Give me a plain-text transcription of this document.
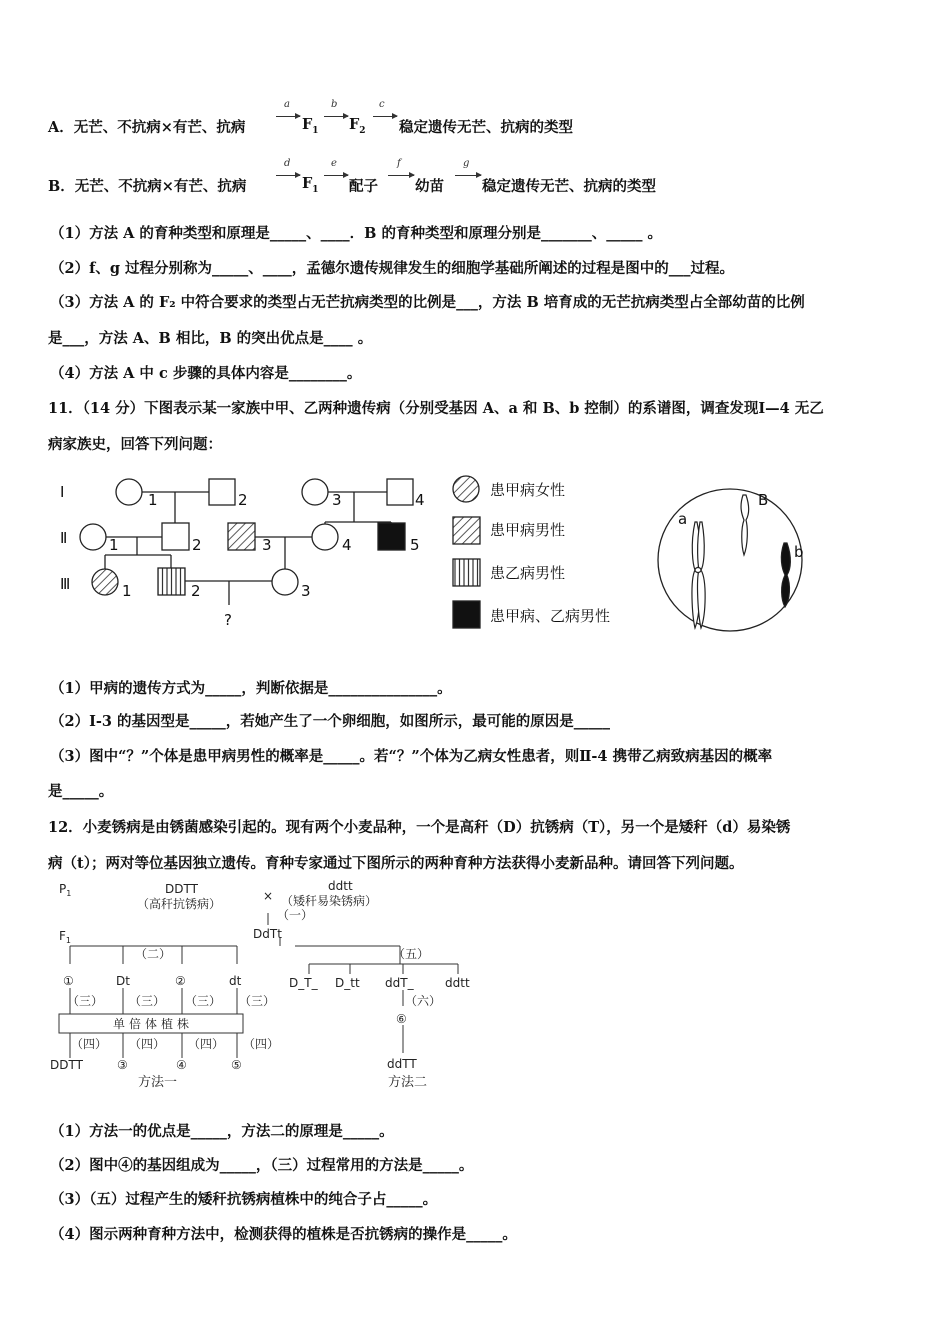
A．无芒、不抗病×有芒、抗病
a
$F_1$
b
$F_2$
c
稳定遗传无芒、抗病的类型
B．无芒、不抗病×有芒、抗病
d
$F_1$
e
配子
f
幼苗
g
稳定遗传无芒、抗病的类型
（1）方法 A 的育种类型和原理是_____、____．B 的育种类型和原理分别是_______、_____ 。
（2）f、g 过程分别称为_____、____，孟德尔遗传规律发生的细胞学基础所阐述的过程是图中的___过程。
（3）方法 A 的 F₂ 中符合要求的类型占无芒抗病类型的比例是___，方法 B 培育成的无芒抗病类型占全部幼苗的比例
是___，方法 A、B 相比，B 的突出优点是____ 。
（4）方法 A 中 c 步骤的具体内容是________。
11．（14 分）下图表示某一家族中甲、乙两种遗传病（分别受基因 A、a 和 B、b 控制）的系谱图，调查发现Ⅰ—4 无乙
病家族史，回答下列问题：
Ⅰ
Ⅱ
Ⅲ
1	2	3	4
1	2	3	4	5
1	2	3
?
患甲病女性
患甲病男性
患乙病男性
患甲病、乙病男性
a
B
b
（1）甲病的遗传方式为_____，判断依据是_______________。
（2）Ⅰ-3 的基因型是_____，若她产生了一个卵细胞，如图所示，最可能的原因是_____
（3）图中“？”个体是患甲病男性的概率是_____。若“？”个体为乙病女性患者，则Ⅱ-4 携带乙病致病基因的概率
是_____。
12．小麦锈病是由锈菌感染引起的。现有两个小麦品种，一个是高秆（D）抗锈病（T），另一个是矮秆（d）易染锈
病（t）；两对等位基因独立遗传。育种专家通过下图所示的两种育种方法获得小麦新品种。请回答下列问题。
$P_1$	DDTT
（高秆抗锈病）
×
ddtt
（矮秆易染锈病）
（一）
$F_1$	DdTt
（二）	（五）
①	Dt	②	dt
（三） （三） （三） （三）
单倍体植株
（四） （四） （四） （四）
DDTT	③	④	⑤
方法一
D_T_ D_tt ddT_	ddtt
（六）
⑥
ddTT
方法二
（1）方法一的优点是_____，方法二的原理是_____。
（2）图中④的基因组成为_____，（三）过程常用的方法是_____。
（3）（五）过程产生的矮秆抗锈病植株中的纯合子占_____。
（4）图示两种育种方法中，检测获得的植株是否抗锈病的操作是_____。
